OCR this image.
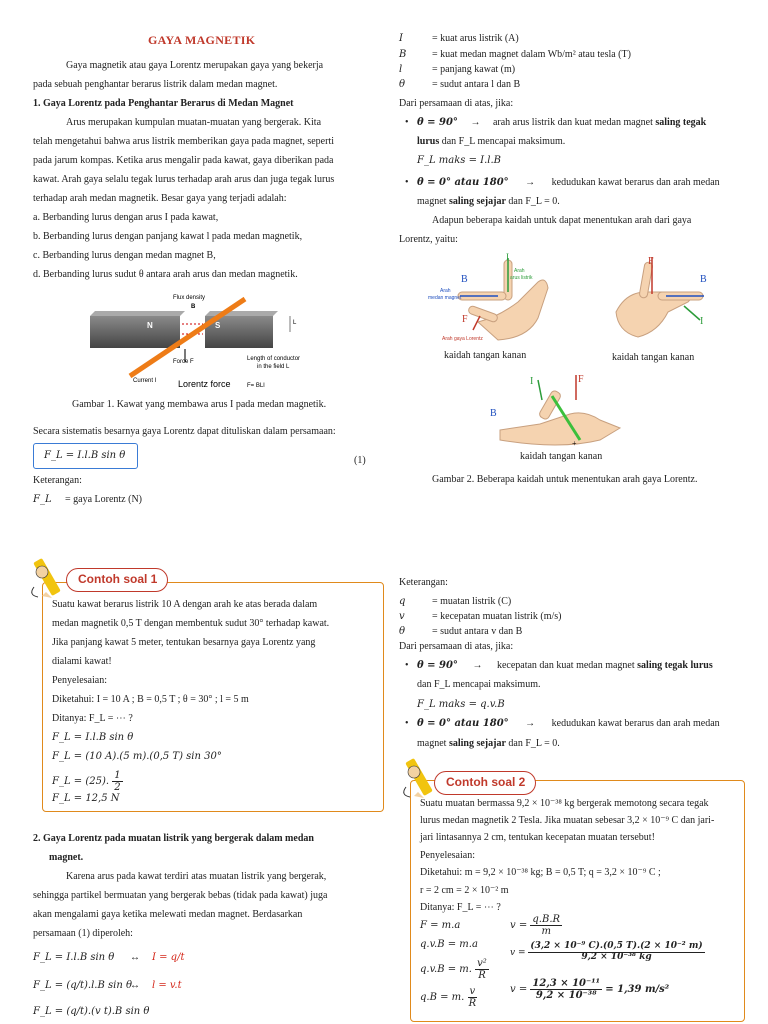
GAYA MAGNETIK
Gaya magnetik atau gaya Lorentz merupakan gaya yang bekerja
pada sebuah penghantar berarus listrik dalam medan magnet.
1. Gaya Lorentz pada Penghantar Berarus di Medan Magnet
Arus merupakan kumpulan muatan-muatan yang bergerak. Kita
telah mengetahui bahwa arus listrik memberikan gaya pada magnet, seperti
pada jarum kompas. Ketika arus mengalir pada kawat, gaya diberikan pada
kawat. Arah gaya selalu tegak lurus terhadap arah arus dan juga tegak lurus
terhadap arah medan magnetik. Besar gaya yang terjadi adalah:
a. Berbanding lurus dengan arus I pada kawat,
b. Berbanding lurus dengan panjang kawat l pada medan magnetik,
c. Berbanding lurus dengan medan magnet B,
d. Berbanding lurus sudut θ antara arah arus dan medan magnetik.
N	S
Flux density
B
L
Force F	Length of conductor
in the field L
Current I Lorentz force	F= BLI
Gambar 1. Kawat yang membawa arus I pada medan magnetik.
Secara sistematis besarnya gaya Lorentz dapat dituliskan dalam persamaan:
F_L = I.l.B sin θ	(1)
Keterangan:
F_L = gaya Lorentz (N)
Contoh soal 1
Suatu kawat berarus listrik 10 A dengan arah ke atas berada dalam
medan magnetik 0,5 T dengan membentuk sudut 30° terhadap kawat.
Jika panjang kawat 5 meter, tentukan besarnya gaya Lorentz yang
dialami kawat!
Penyelesaian:
Diketahui: I = 10 A ; B = 0,5 T ; θ = 30° ; l = 5 m
Ditanya: F_L = ⋯ ?
F_L = I.l.B sin θ
F_L = (10 A).(5 m).(0,5 T) sin 30°
F_L = (25). $\frac{1}{2}$
F_L = 12,5 N
2. Gaya Lorentz pada muatan listrik yang bergerak dalam medan
magnet.
Karena arus pada kawat terdiri atas muatan listrik yang bergerak,
sehingga partikel bermuatan yang bergerak bebas (tidak pada kawat) juga
akan mengalami gaya ketika melewati medan magnet. Berdasarkan
persamaan (1) diperoleh:
F_L = I.l.B sin θ ↔ I = q/t
F_L = (q/t).l.B sin θ
↔ l = v.t
F_L = (q/t).(v t).B sin θ
I	= kuat arus listrik (A)
B	= kuat medan magnet dalam Wb/m² atau tesla (T)
l	= panjang kawat (m)
θ	= sudut antara l dan B
Dari persamaan di atas, jika:
θ = 90° → arah arus listrik dan kuat medan magnet saling tegak
lurus dan F_L mencapai maksimum.
F_L maks = I.l.B
θ = 0° atau 180° → kedudukan kawat berarus dan arah medan
magnet saling sejajar dan F_L = 0.
Adapun beberapa kaidah untuk dapat menentukan arah dari gaya
Lorentz, yaitu:
I
B
F
Arah
arus listrik
Arah
medan magnet
Arah gaya Lorentz
kaidah tangan kanan
F
B
I
kaidah tangan kanan
I	F
B
+
kaidah tangan kanan
Gambar 2. Beberapa kaidah untuk menentukan arah gaya Lorentz.
Keterangan:
q	= muatan listrik (C)
v	= kecepatan muatan listrik (m/s)
θ	= sudut antara v dan B
Dari persamaan di atas, jika:
θ = 90° → kecepatan dan kuat medan magnet saling tegak lurus
dan F_L mencapai maksimum.
F_L maks = q.v.B
θ = 0° atau 180° → kedudukan kawat berarus dan arah medan
magnet saling sejajar dan F_L = 0.
Contoh soal 2
Suatu muatan bermassa 9,2 × 10⁻³⁸ kg bergerak memotong secara tegak
lurus medan magnetik 2 Tesla. Jika muatan sebesar 3,2 × 10⁻⁹ C dan jari-
jari lintasannya 2 cm, tentukan kecepatan muatan tersebut!
Penyelesaian:
Diketahui: m = 9,2 × 10⁻³⁸ kg; B = 0,5 T; q = 3,2 × 10⁻⁹ C ;
r = 2 cm = 2 × 10⁻² m
Ditanya: F_L = ⋯ ?
F = m.a
q.v.B = m.a
q.v.B = m. $\frac{\text{v²}}{R}$
q.B = m. $\frac{v}{R}$
$v = \frac{q.B.R}{m}$
$v = \frac{\text{(3,2 × 10⁻⁹ C).(0,5 T).(2 × 10⁻² m)}}{\text{9,2 × 10⁻³⁸ kg}}$
$v = \frac{\text{12,3 × 10⁻¹¹}}{\text{9,2 × 10⁻³⁸}} = 1,39$ m/s²
